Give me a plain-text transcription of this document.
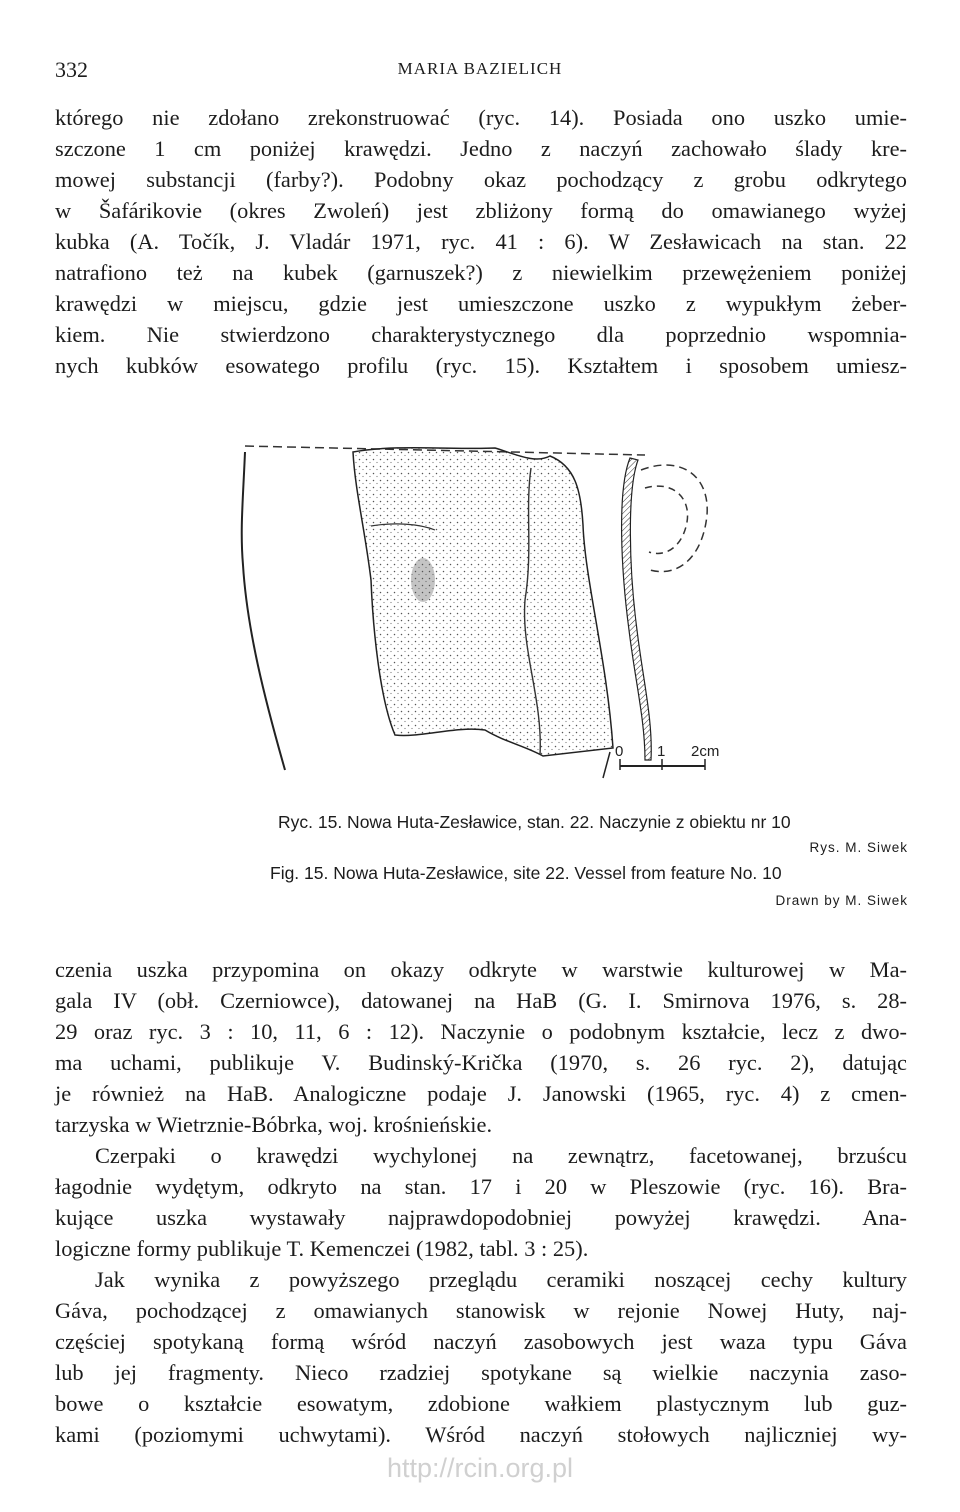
332	MARIA BAZIELICH
którego nie zdołano zrekonstruować (ryc. 14). Posiada ono uszko umie-
szczone 1 cm poniżej krawędzi. Jedno z naczyń zachowało ślady kre-
mowej substancji (farby?). Podobny okaz pochodzący z grobu odkrytego
w Šafárikovie (okres Zwoleń) jest zbliżony formą do omawianego wyżej
kubka (A. Točík, J. Vladár 1971, ryc. 41 : 6). W Zesławicach na stan. 22
natrafiono też na kubek (garnuszek?) z niewielkim przewężeniem poniżej
krawędzi w miejscu, gdzie jest umieszczone uszko z wypukłym żeber-
kiem. Nie stwierdzono charakterystycznego dla poprzednio wspomnia-
nych kubków esowatego profilu (ryc. 15). Kształtem i sposobem umiesz-
0 1 2cm
Ryc. 15. Nowa Huta-Zesławice, stan. 22. Naczynie z obiektu nr 10
Rys. M. Siwek
Fig. 15. Nowa Huta-Zesławice, site 22. Vessel from feature No. 10
Drawn by M. Siwek
czenia uszka przypomina on okazy odkryte w warstwie kulturowej w Ma-
gala IV (obł. Czerniowce), datowanej na HaB (G. I. Smirnova 1976, s. 28-
29 oraz ryc. 3 : 10, 11, 6 : 12). Naczynie o podobnym kształcie, lecz z dwo-
ma uchami, publikuje V. Budinský-Krička (1970, s. 26 ryc. 2), datując
je również na HaB. Analogiczne podaje J. Janowski (1965, ryc. 4) z cmen-
tarzyska w Wietrznie-Bóbrka, woj. krośnieńskie.
Czerpaki o krawędzi wychylonej na zewnątrz, facetowanej, brzuścu
łagodnie wydętym, odkryto na stan. 17 i 20 w Pleszowie (ryc. 16). Bra-
kujące uszka wystawały najprawdopodobniej powyżej krawędzi. Ana-
logiczne formy publikuje T. Kemenczei (1982, tabl. 3 : 25).
Jak wynika z powyższego przeglądu ceramiki noszącej cechy kultury
Gáva, pochodzącej z omawianych stanowisk w rejonie Nowej Huty, naj-
częściej spotykaną formą wśród naczyń zasobowych jest waza typu Gáva
lub jej fragmenty. Nieco rzadziej spotykane są wielkie naczynia zaso-
bowe o kształcie esowatym, zdobione wałkiem plastycznym lub guz-
kami (poziomymi uchwytami). Wśród naczyń stołowych najliczniej wy-
http://rcin.org.pl
